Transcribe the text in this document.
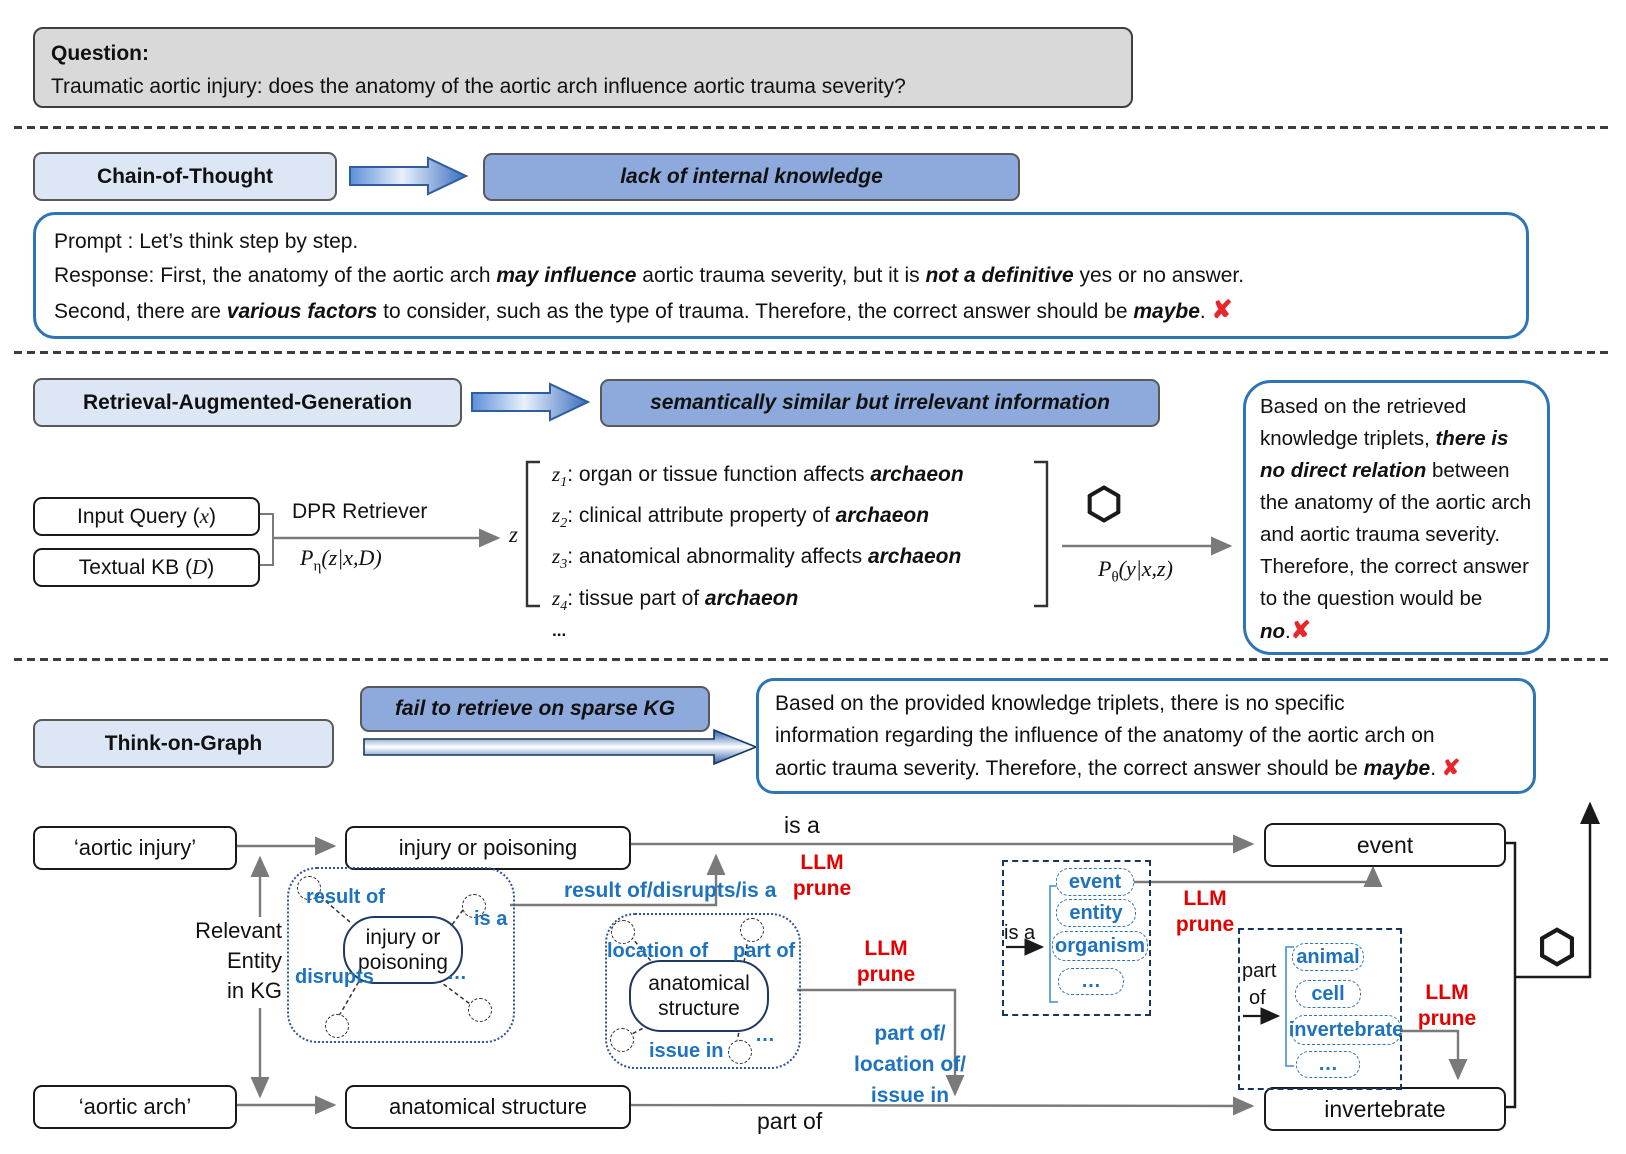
Question:
Traumatic aortic injury: does the anatomy of the aortic arch influence aortic trauma severity?
Chain-of-Thought	lack of internal knowledge
Prompt : Let’s think step by step.
Response: First, the anatomy of the aortic arch may influence aortic trauma severity, but it is not a definitive yes or no answer.
Second, there are various factors to consider, such as the type of trauma. Therefore, the correct answer should be maybe. ✘
Retrieval-Augmented-Generation	semantically similar but irrelevant information
Input Query ( x )
Textual KB ( D )
DPR Retriever
$P_\eta(z|x,D)$
z
$z_1$: organ or tissue function affects archaeon
$z_2$: clinical attribute property of archaeon
$z_3$: anatomical abnormality affects archaeon
$z_4$: tissue part of archaeon
...
$P_\theta(y|x,z)$
Based on the retrieved knowledge triplets, there is no direct relation between the anatomy of the aortic arch and aortic trauma severity. Therefore, the correct answer to the question would be no.✘
fail to retrieve on sparse KG
Think-on-Graph
Based on the provided knowledge triplets, there is no specific
information regarding the influence of the anatomy of the aortic arch on
aortic trauma severity. Therefore, the correct answer should be maybe. ✘
‘aortic injury’	injury or poisoning	event
‘aortic arch’	anatomical structure	invertebrate
Relevant
Entity
in KG
is a
part of
injury or
poisoning
result of
is a
disrupts	…
result of/disrupts/is a
LLM
prune
anatomical
structure
location of part of
issue in
…
LLM
prune
part of/
location of/
issue in
is a
event
entity
organism
…
LLM
prune
part
of
animal
cell
invertebrate
…
LLM
prune
